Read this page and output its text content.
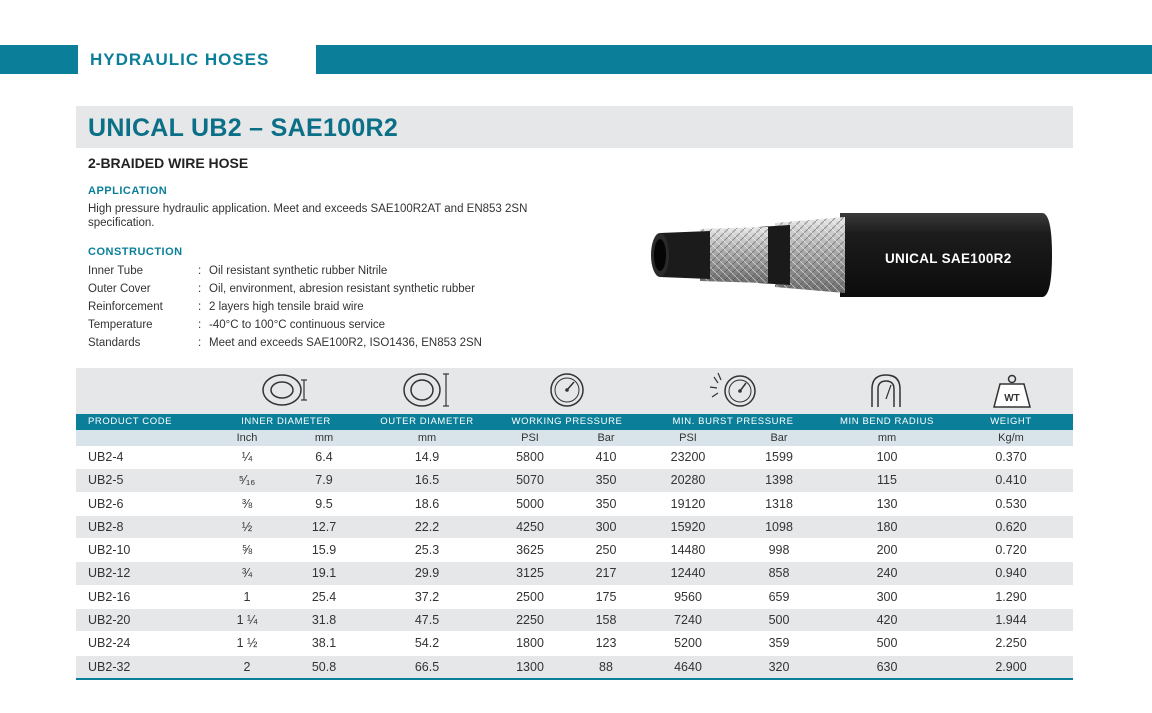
HYDRAULIC HOSES
UNICAL UB2 – SAE100R2
2-BRAIDED WIRE HOSE
APPLICATION
High pressure hydraulic application. Meet and exceeds SAE100R2AT and EN853 2SN specification.
CONSTRUCTION
Inner Tube	: Oil resistant synthetic rubber Nitrile
Outer Cover	: Oil, environment, abresion resistant synthetic rubber
Reinforcement	: 2 layers high tensile braid wire
Temperature	: -40°C to 100°C continuous service
Standards	: Meet and exceeds SAE100R2, ISO1436, EN853 2SN
UNICAL SAE100R2
WT
PRODUCT CODE	INNER DIAMETER	OUTER DIAMETER	WORKING PRESSURE	MIN. BURST PRESSURE	MIN BEND RADIUS	WEIGHT
Inch	mm	mm	PSI	Bar	PSI	Bar	mm	Kg/m
UB2-4	¼	6.4	14.9	5800	410	23200	1599	100	0.370
UB2-5	⁵⁄₁₆	7.9	16.5	5070	350	20280	1398	115	0.410
UB2-6	⅜	9.5	18.6	5000	350	19120	1318	130	0.530
UB2-8	½	12.7	22.2	4250	300	15920	1098	180	0.620
UB2-10	⅝	15.9	25.3	3625	250	14480	998	200	0.720
UB2-12	¾	19.1	29.9	3125	217	12440	858	240	0.940
UB2-16	1	25.4	37.2	2500	175	9560	659	300	1.290
UB2-20	1 ¼	31.8	47.5	2250	158	7240	500	420	1.944
UB2-24	1 ½	38.1	54.2	1800	123	5200	359	500	2.250
UB2-32	2	50.8	66.5	1300	88	4640	320	630	2.900
